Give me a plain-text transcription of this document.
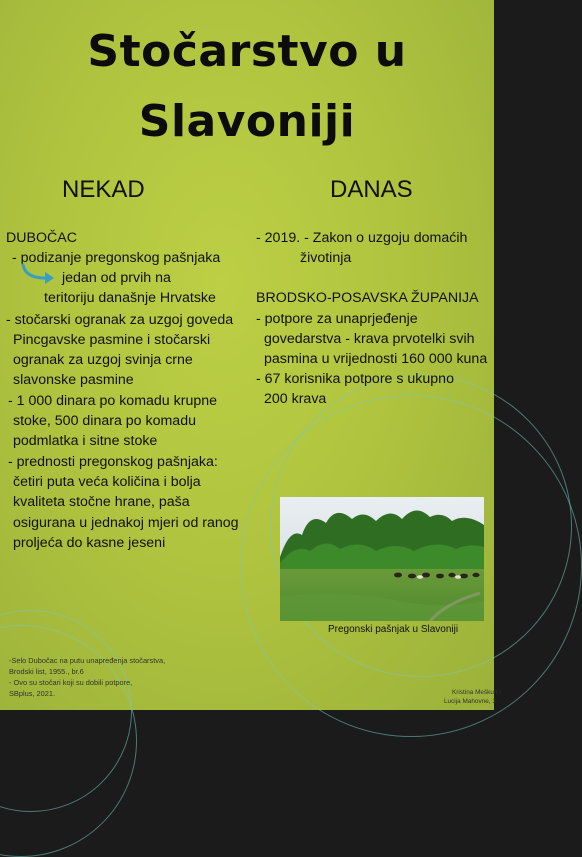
Stočarstvo u
Slavoniji
NEKAD	DANAS
DUBOČAC
- podizanje pregonskog pašnjaka
jedan od prvih na
teritoriju današnje Hrvatske
- stočarski ogranak za uzgoj goveda
Pincgavske pasmine i stočarski
ogranak za uzgoj svinja crne
slavonske pasmine
- 1 000 dinara po komadu krupne
stoke, 500 dinara po komadu
podmlatka i sitne stoke
- prednosti pregonskog pašnjaka:
četiri puta veća količina i bolja
kvaliteta stočne hrane, paša
osigurana u jednakoj mjeri od ranog
proljeća do kasne jeseni
- 2019. - Zakon o uzgoju domaćih
životinja
BRODSKO-POSAVSKA ŽUPANIJA
- potpore za unaprjeđenje
govedarstva - krava prvotelki svih
pasmina u vrijednosti 160 000 kuna
- 67 korisnika potpore s ukupno
200 krava
Pregonski pašnjak u Slavoniji
-Selo Dubočac na putu unapređenja stočarstva,
Brodski list, 1955., br.6
- Ovo su stočari koji su dobili potpore,
SBplus, 2021.	Kristina Meškun i
Lucija Mahovne, 3
